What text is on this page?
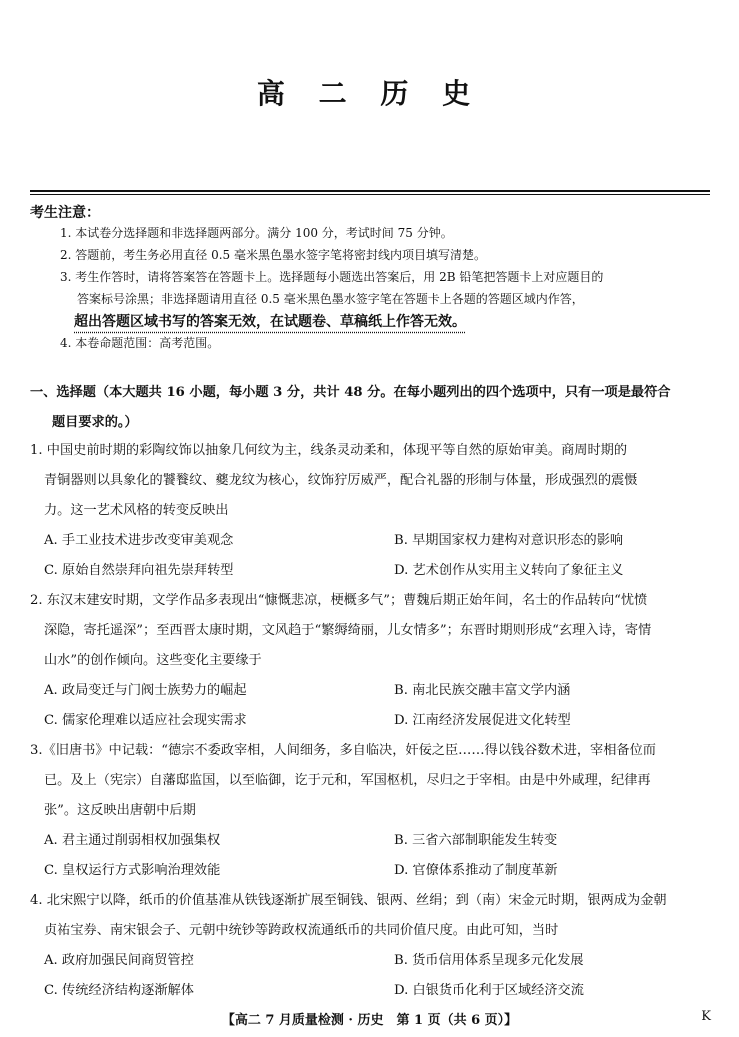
高 二 历 史
考生注意：
1. 本试卷分选择题和非选择题两部分。满分 100 分，考试时间 75 分钟。
2. 答题前，考生务必用直径 0.5 毫米黑色墨水签字笔将密封线内项目填写清楚。
3. 考生作答时，请将答案答在答题卡上。选择题每小题选出答案后，用 2B 铅笔把答题卡上对应题目的
答案标号涂黑；非选择题请用直径 0.5 毫米黑色墨水签字笔在答题卡上各题的答题区域内作答，
超出答题区域书写的答案无效，在试题卷、草稿纸上作答无效。
4. 本卷命题范围：高考范围。
一、选择题（本大题共 16 小题，每小题 3 分，共计 48 分。在每小题列出的四个选项中，只有一项是最符合
题目要求的。）
1. 中国史前时期的彩陶纹饰以抽象几何纹为主，线条灵动柔和，体现平等自然的原始审美。商周时期的
青铜器则以具象化的饕餮纹、夔龙纹为核心，纹饰狞厉威严，配合礼器的形制与体量，形成强烈的震慑
力。这一艺术风格的转变反映出
A. 手工业技术进步改变审美观念	B. 早期国家权力建构对意识形态的影响
C. 原始自然崇拜向祖先崇拜转型	D. 艺术创作从实用主义转向了象征主义
2. 东汉末建安时期，文学作品多表现出“慷慨悲凉，梗概多气”；曹魏后期正始年间，名士的作品转向“忧愤
深隐，寄托遥深”；至西晋太康时期，文风趋于“繁缛绮丽，儿女情多”；东晋时期则形成“玄理入诗，寄情
山水”的创作倾向。这些变化主要缘于
A. 政局变迁与门阀士族势力的崛起	B. 南北民族交融丰富文学内涵
C. 儒家伦理难以适应社会现实需求	D. 江南经济发展促进文化转型
3.《旧唐书》中记载：“德宗不委政宰相，人间细务，多自临决，奸佞之臣……得以钱谷数术进，宰相备位而
已。及上（宪宗）自藩邸监国，以至临御，讫于元和，军国枢机，尽归之于宰相。由是中外咸理，纪律再
张”。这反映出唐朝中后期
A. 君主通过削弱相权加强集权	B. 三省六部制职能发生转变
C. 皇权运行方式影响治理效能	D. 官僚体系推动了制度革新
4. 北宋熙宁以降，纸币的价值基准从铁钱逐渐扩展至铜钱、银两、丝绢；到（南）宋金元时期，银两成为金朝
贞祐宝券、南宋银会子、元朝中统钞等跨政权流通纸币的共同价值尺度。由此可知，当时
A. 政府加强民间商贸管控	B. 货币信用体系呈现多元化发展
C. 传统经济结构逐渐解体	D. 白银货币化利于区域经济交流
【高二 7 月质量检测 · 历史　第 1 页（共 6 页）】	K
